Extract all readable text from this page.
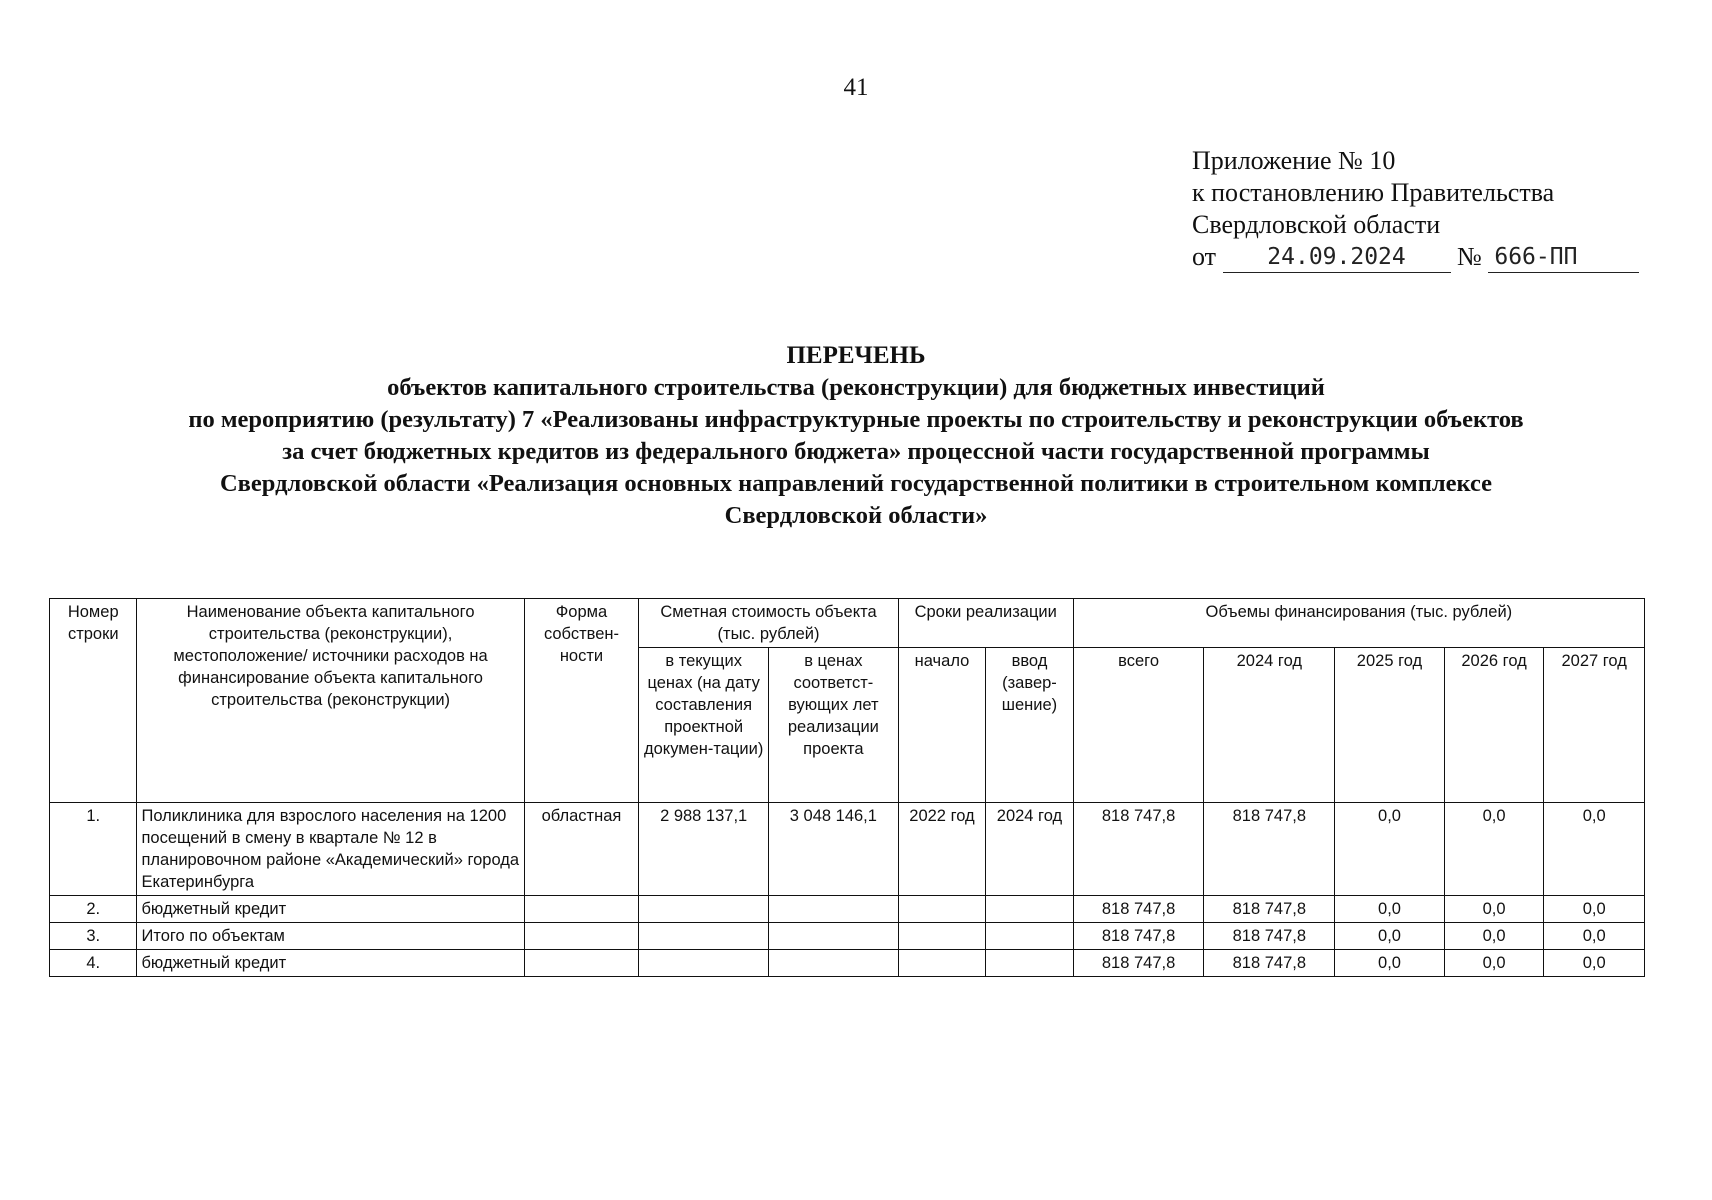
41
Приложение № 10
к постановлению Правительства
Свердловской области
от 24.09.2024 № 666-ПП
ПЕРЕЧЕНЬ
объектов капитального строительства (реконструкции) для бюджетных инвестиций
по мероприятию (результату) 7 «Реализованы инфраструктурные проекты по строительству и реконструкции объектов
за счет бюджетных кредитов из федерального бюджета» процессной части государственной программы
Свердловской области «Реализация основных направлений государственной политики в строительном комплексе
Свердловской области»
Номер строки	Наименование объекта капитального строительства (реконструкции), местоположение/ источники расходов на финансирование объекта капитального строительства (реконструкции)	Форма собствен-ности	Сметная стоимость объекта (тыс. рублей)		Сроки реализации		Объемы финансирования (тыс. рублей)				
			в текущих ценах (на дату составления проектной докумен-тации)	в ценах соответст-вующих лет реализации проекта	начало	ввод (завер-шение)	всего	2024 год	2025 год	2026 год	2027 год
1.	Поликлиника для взрослого населения на 1200 посещений в смену в квартале № 12 в планировочном районе «Академический» города Екатеринбурга	областная	2 988 137,1	3 048 146,1	2022 год	2024 год	818 747,8	818 747,8	0,0	0,0	0,0
2.	бюджетный кредит						818 747,8	818 747,8	0,0	0,0	0,0
3.	Итого по объектам						818 747,8	818 747,8	0,0	0,0	0,0
4.	бюджетный кредит						818 747,8	818 747,8	0,0	0,0	0,0
